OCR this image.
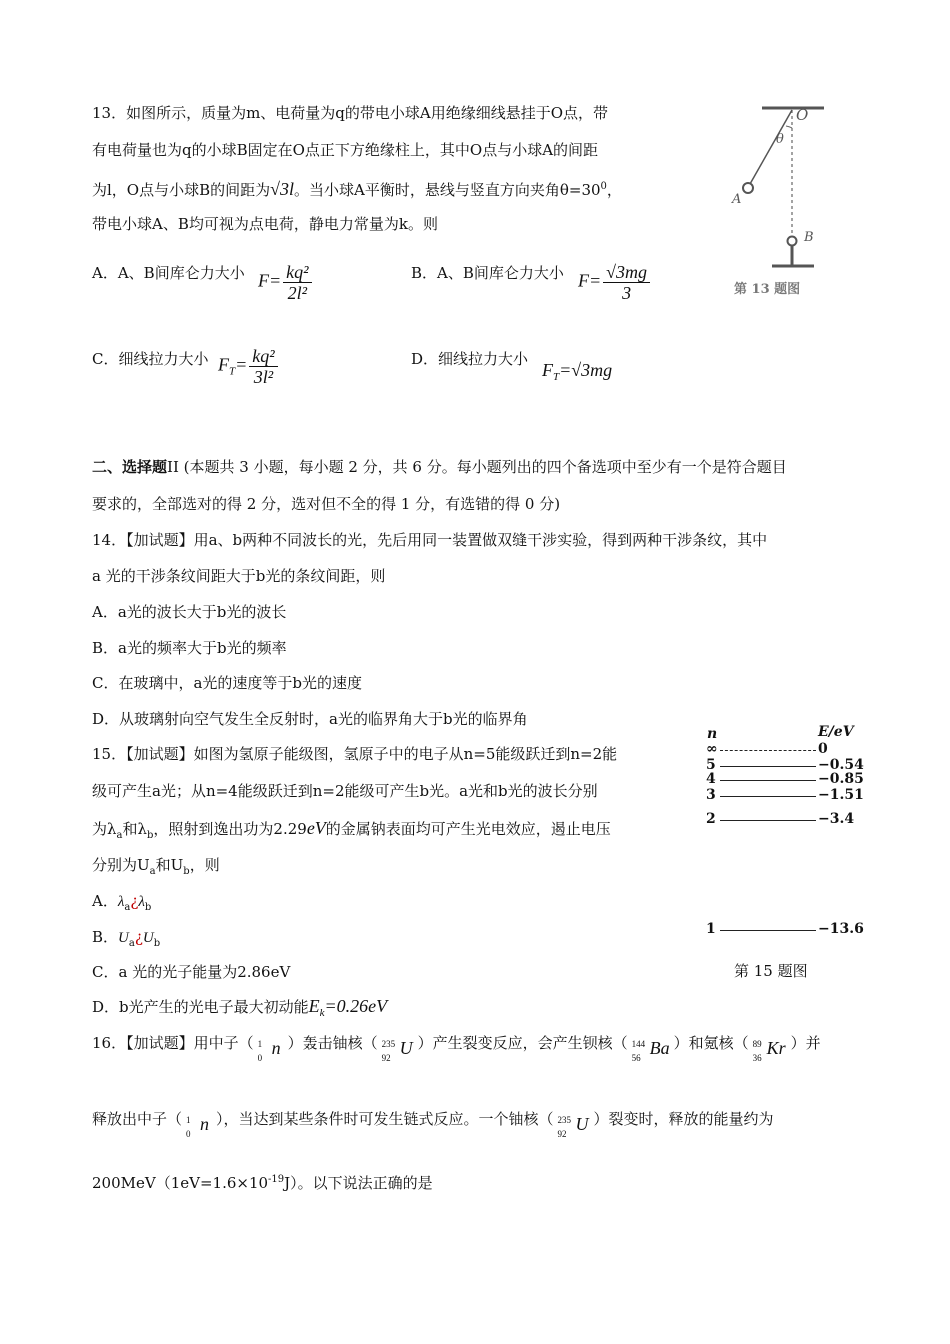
13．如图所示，质量为m、电荷量为q的带电小球A用绝缘细线悬挂于O点，带
有电荷量也为q的小球B固定在O点正下方绝缘柱上，其中O点与小球A的间距
为l，O点与小球B的间距为√3l。当小球A平衡时，悬线与竖直方向夹角$\theta=30^0$，
带电小球A、B均可视为点电荷，静电力常量为k。则
A．A、B间库仑力大小 $F= \frac{\text{kq²}}{\text{2l²}}$	B．A、B间库仑力大小 $F= \frac{√3mg}{3}$
C．细线拉力大小 $F_T= \frac{\text{kq²}}{\text{3l²}}$	D．细线拉力大小
$F_T=√3mg$
O
θ
A
B
第 13 题图
二、选择题II (本题共 3 小题，每小题 2 分，共 6 分。每小题列出的四个备选项中至少有一个是符合题目
要求的，全部选对的得 2 分，选对但不全的得 1 分，有选错的得 0 分)
14．【加试题】用a、b两种不同波长的光，先后用同一装置做双缝干涉实验，得到两种干涉条纹，其中
a 光的干涉条纹间距大于b光的条纹间距，则
A．a光的波长大于b光的波长
B．a光的频率大于b光的频率
C．在玻璃中，a光的速度等于b光的速度
D．从玻璃射向空气发生全反射时，a光的临界角大于b光的临界角
15．【加试题】如图为氢原子能级图，氢原子中的电子从n=5能级跃迁到n=2能
级可产生a光；从n=4能级跃迁到n=2能级可产生b光。a光和b光的波长分别
为$\lambda_a$和$\lambda_b$，照射到逸出功为2.29eV的金属钠表面均可产生光电效应，遏止电压
分别为$U_a$和$U_b$，则
A．$\lambda_a¿\lambda_b$
B．$U_a¿U_b$
C．a 光的光子能量为2.86eV
D．b光产生的光电子最大初动能$E_k=0.26eV$
n	E/eV
∞	0
5	−0.54
4	−0.85
3	−1.51
2	−3.4
1	−13.6
第 15 题图
16．【加试题】用中子（ 1
0 n ）轰击铀核（ 235
92 U ）产生裂变反应，会产生钡核（ 144
56 Ba ）和氪核（ 89
36 Kr ）并
释放出中子（ 1
0 n ），当达到某些条件时可发生链式反应。一个铀核（ 235
92 U ）裂变时，释放的能量约为
$200MeV(1eV=1.6\times 10^{-19}J)$。以下说法正确的是
